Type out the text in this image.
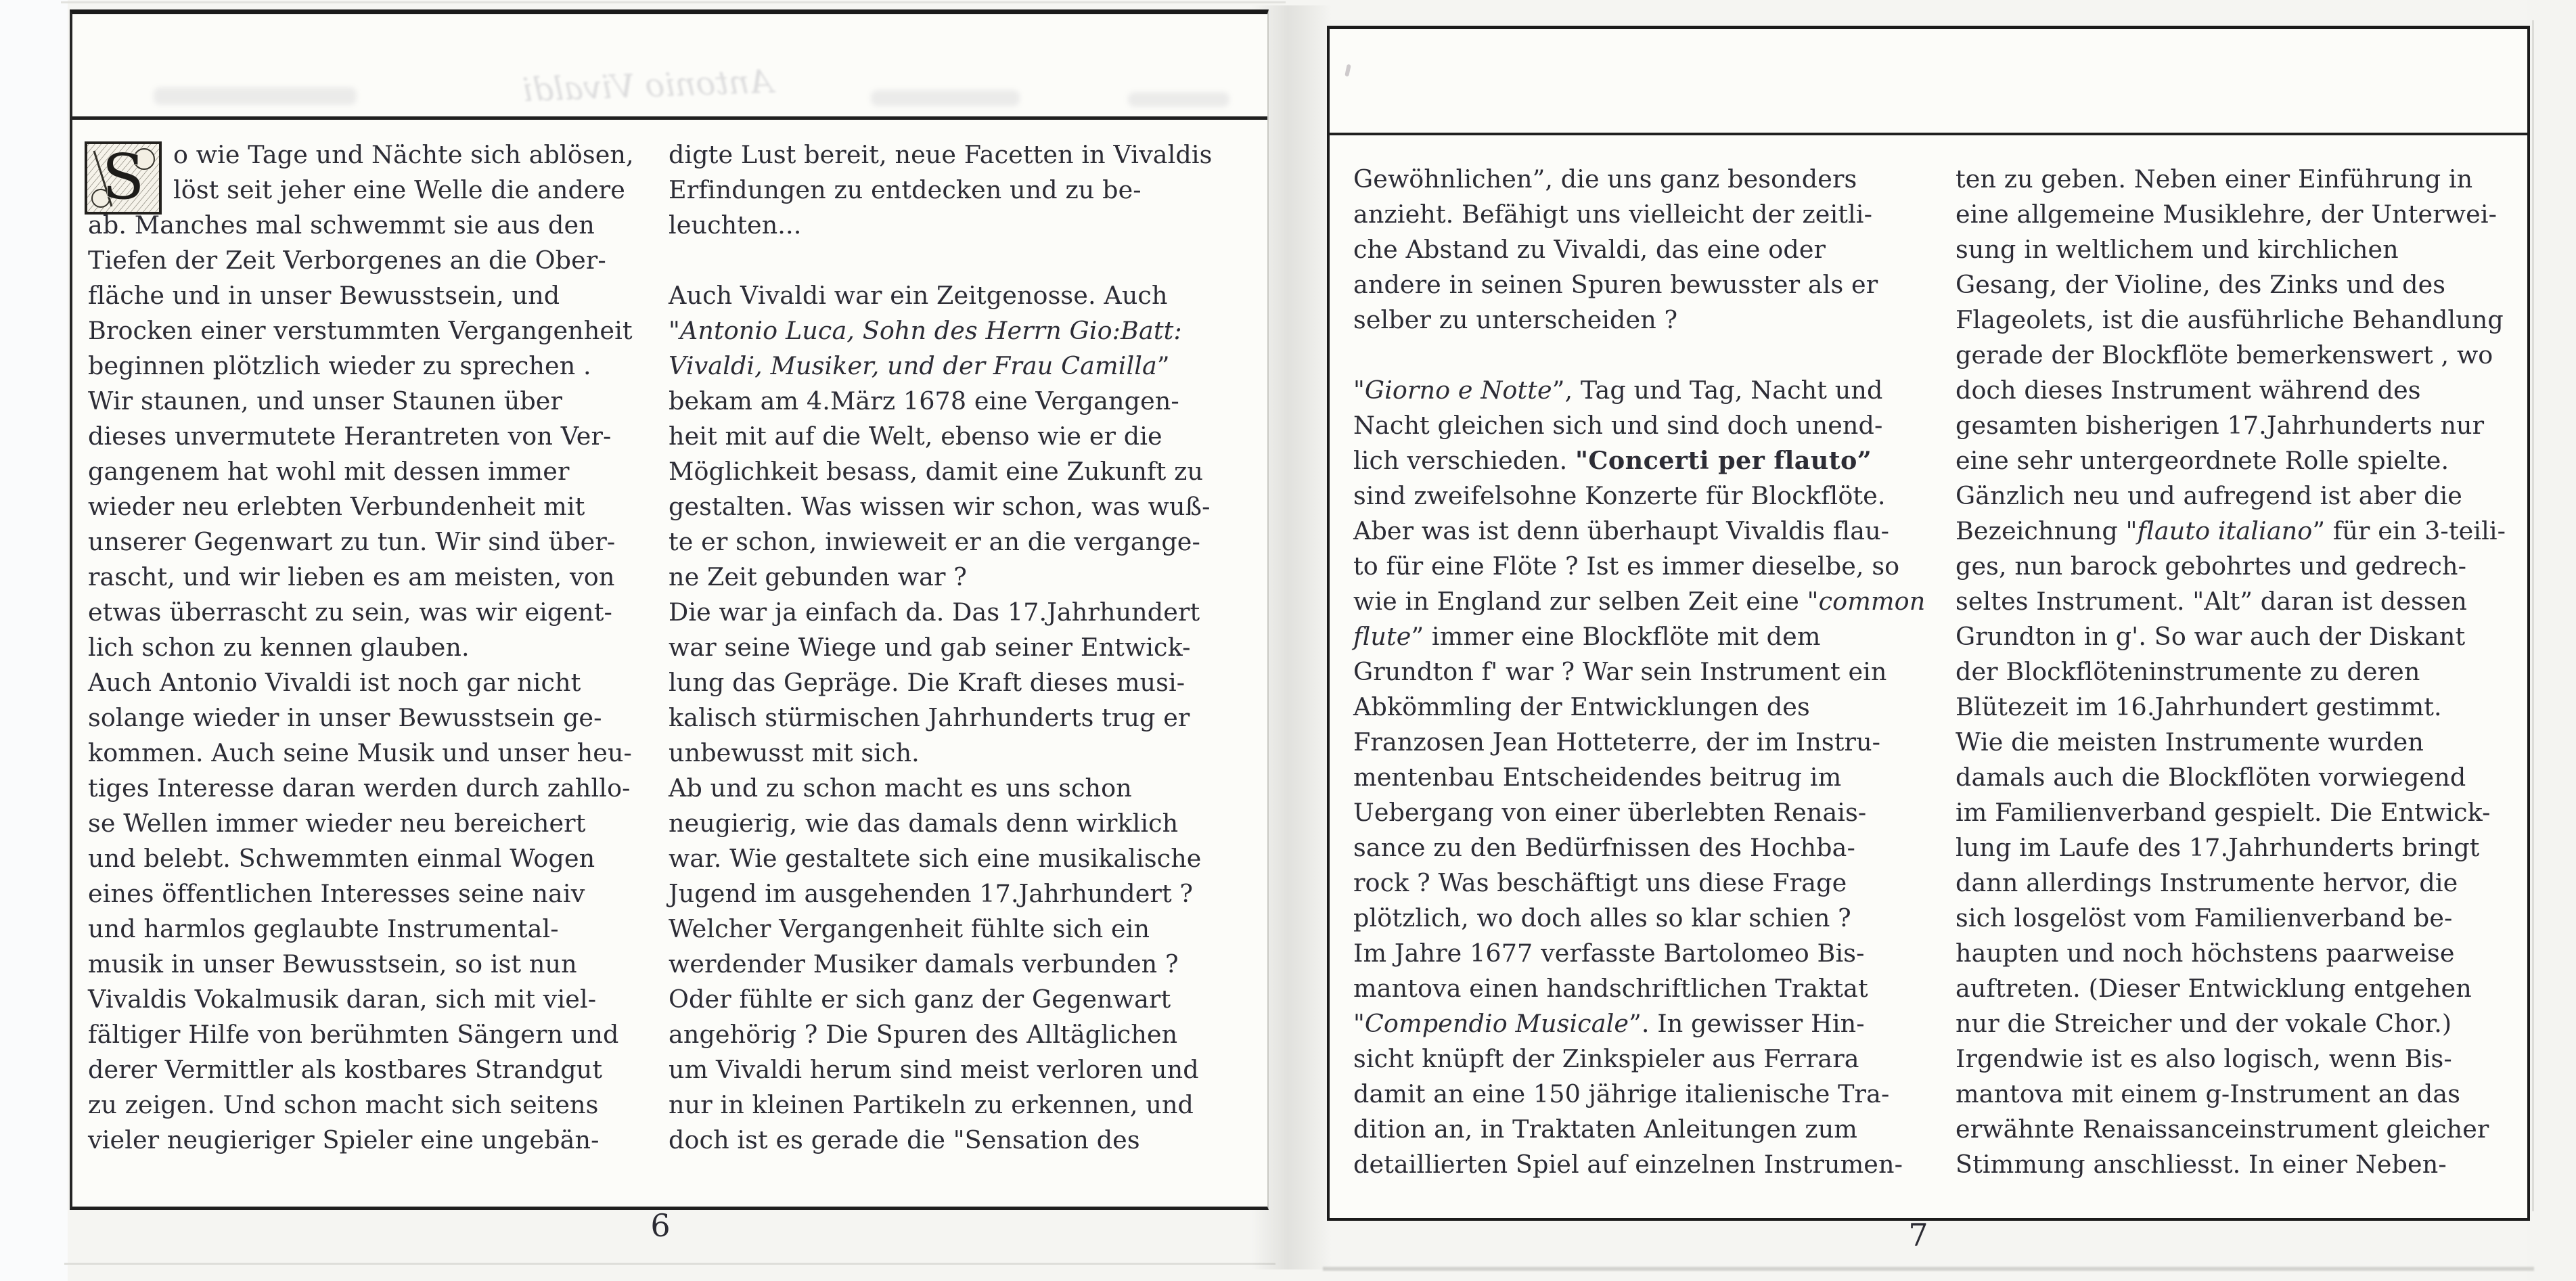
Antonio Vivaldi
S	o wie Tage und Nächte sich ablösen,
löst seit jeher eine Welle die andere
ab. Manches mal schwemmt sie aus den
Tiefen der Zeit Verborgenes an die Ober-
fläche und in unser Bewusstsein, und
Brocken einer verstummten Vergangenheit
beginnen plötzlich wieder zu sprechen .
Wir staunen, und unser Staunen über
dieses unvermutete Herantreten von Ver-
gangenem hat wohl mit dessen immer
wieder neu erlebten Verbundenheit mit
unserer Gegenwart zu tun. Wir sind über-
rascht, und wir lieben es am meisten, von
etwas überrascht zu sein, was wir eigent-
lich schon zu kennen glauben.
Auch Antonio Vivaldi ist noch gar nicht
solange wieder in unser Bewusstsein ge-
kommen. Auch seine Musik und unser heu-
tiges Interesse daran werden durch zahllo-
se Wellen immer wieder neu bereichert
und belebt. Schwemmten einmal Wogen
eines öffentlichen Interesses seine naiv
und harmlos geglaubte Instrumental-
musik in unser Bewusstsein, so ist nun
Vivaldis Vokalmusik daran, sich mit viel-
fältiger Hilfe von berühmten Sängern und
derer Vermittler als kostbares Strandgut
zu zeigen. Und schon macht sich seitens
vieler neugieriger Spieler eine ungebän-
digte Lust bereit, neue Facetten in Vivaldis
Erfindungen zu entdecken und zu be-
leuchten...
Auch Vivaldi war ein Zeitgenosse. Auch
"Antonio Luca, Sohn des Herrn Gio:Batt:
Vivaldi, Musiker, und der Frau Camilla”
bekam am 4.März 1678 eine Vergangen-
heit mit auf die Welt, ebenso wie er die
Möglichkeit besass, damit eine Zukunft zu
gestalten. Was wissen wir schon, was wuß-
te er schon, inwieweit er an die vergange-
ne Zeit gebunden war ?
Die war ja einfach da. Das 17.Jahrhundert
war seine Wiege und gab seiner Entwick-
lung das Gepräge. Die Kraft dieses musi-
kalisch stürmischen Jahrhunderts trug er
unbewusst mit sich.
Ab und zu schon macht es uns schon
neugierig, wie das damals denn wirklich
war. Wie gestaltete sich eine musikalische
Jugend im ausgehenden 17.Jahrhundert ?
Welcher Vergangenheit fühlte sich ein
werdender Musiker damals verbunden ?
Oder fühlte er sich ganz der Gegenwart
angehörig ? Die Spuren des Alltäglichen
um Vivaldi herum sind meist verloren und
nur in kleinen Partikeln zu erkennen, und
doch ist es gerade die "Sensation des
6
Gewöhnlichen”, die uns ganz besonders
anzieht. Befähigt uns vielleicht der zeitli-
che Abstand zu Vivaldi, das eine oder
andere in seinen Spuren bewusster als er
selber zu unterscheiden ?
"Giorno e Notte”, Tag und Tag, Nacht und
Nacht gleichen sich und sind doch unend-
lich verschieden. "Concerti per flauto”
sind zweifelsohne Konzerte für Blockflöte.
Aber was ist denn überhaupt Vivaldis flau-
to für eine Flöte ? Ist es immer dieselbe, so
wie in England zur selben Zeit eine "common
flute” immer eine Blockflöte mit dem
Grundton f' war ? War sein Instrument ein
Abkömmling der Entwicklungen des
Franzosen Jean Hotteterre, der im Instru-
mentenbau Entscheidendes beitrug im
Uebergang von einer überlebten Renais-
sance zu den Bedürfnissen des Hochba-
rock ? Was beschäftigt uns diese Frage
plötzlich, wo doch alles so klar schien ?
Im Jahre 1677 verfasste Bartolomeo Bis-
mantova einen handschriftlichen Traktat
"Compendio Musicale”. In gewisser Hin-
sicht knüpft der Zinkspieler aus Ferrara
damit an eine 150 jährige italienische Tra-
dition an, in Traktaten Anleitungen zum
detaillierten Spiel auf einzelnen Instrumen-
ten zu geben. Neben einer Einführung in
eine allgemeine Musiklehre, der Unterwei-
sung in weltlichem und kirchlichen
Gesang, der Violine, des Zinks und des
Flageolets, ist die ausführliche Behandlung
gerade der Blockflöte bemerkenswert , wo
doch dieses Instrument während des
gesamten bisherigen 17.Jahrhunderts nur
eine sehr untergeordnete Rolle spielte.
Gänzlich neu und aufregend ist aber die
Bezeichnung "flauto italiano” für ein 3-teili-
ges, nun barock gebohrtes und gedrech-
seltes Instrument. "Alt” daran ist dessen
Grundton in g'. So war auch der Diskant
der Blockflöteninstrumente zu deren
Blütezeit im 16.Jahrhundert gestimmt.
Wie die meisten Instrumente wurden
damals auch die Blockflöten vorwiegend
im Familienverband gespielt. Die Entwick-
lung im Laufe des 17.Jahrhunderts bringt
dann allerdings Instrumente hervor, die
sich losgelöst vom Familienverband be-
haupten und noch höchstens paarweise
auftreten. (Dieser Entwicklung entgehen
nur die Streicher und der vokale Chor.)
Irgendwie ist es also logisch, wenn Bis-
mantova mit einem g-Instrument an das
erwähnte Renaissanceinstrument gleicher
Stimmung anschliesst. In einer Neben-
7
